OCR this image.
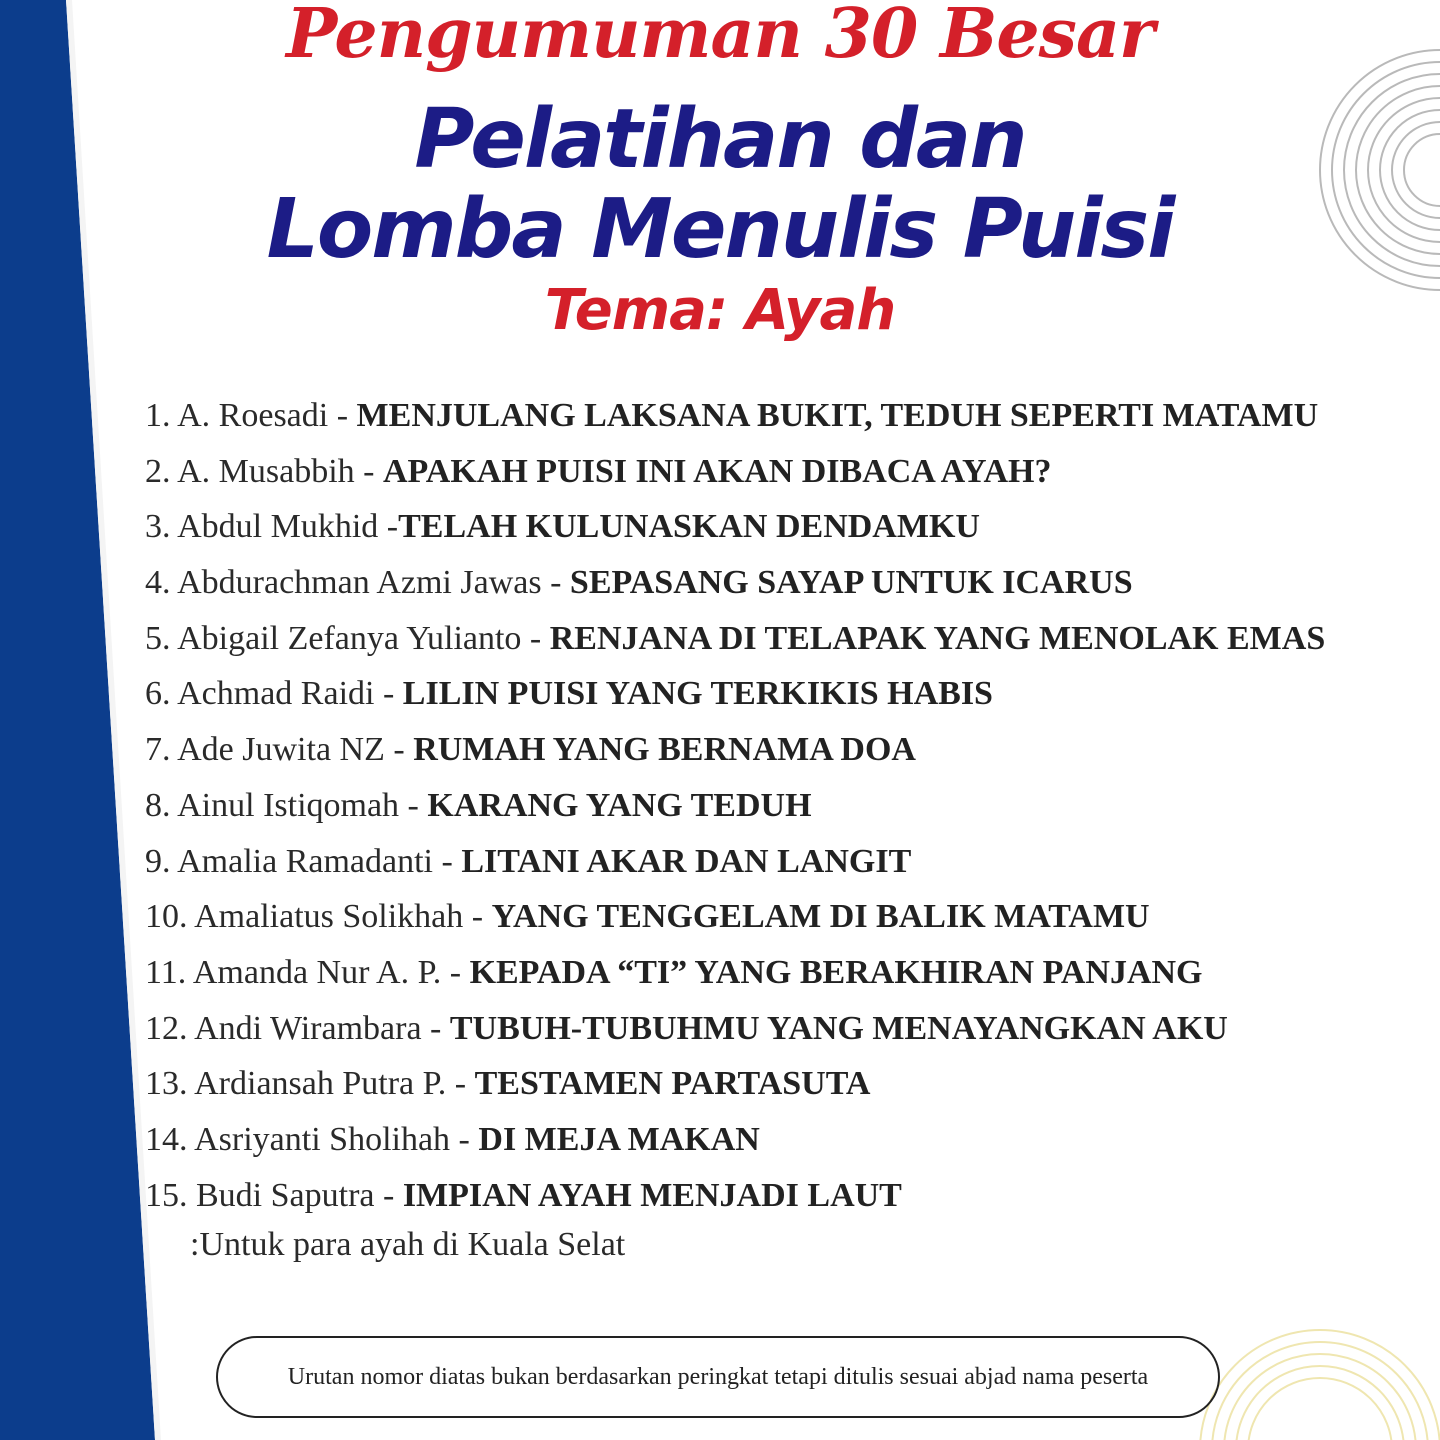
Pengumuman 30 Besar
Pelatihan dan
Lomba Menulis Puisi
Tema: Ayah
1. A. Roesadi - MENJULANG LAKSANA BUKIT, TEDUH SEPERTI MATAMU
2. A. Musabbih - APAKAH PUISI INI AKAN DIBACA AYAH?
3. Abdul Mukhid -TELAH KULUNASKAN DENDAMKU
4. Abdurachman Azmi Jawas - SEPASANG SAYAP UNTUK ICARUS
5. Abigail Zefanya Yulianto - RENJANA DI TELAPAK YANG MENOLAK EMAS
6. Achmad Raidi - LILIN PUISI YANG TERKIKIS HABIS
7. Ade Juwita NZ - RUMAH YANG BERNAMA DOA
8. Ainul Istiqomah - KARANG YANG TEDUH
9. Amalia Ramadanti - LITANI AKAR DAN LANGIT
10. Amaliatus Solikhah - YANG TENGGELAM DI BALIK MATAMU
11. Amanda Nur A. P. - KEPADA “TI” YANG BERAKHIRAN PANJANG
12. Andi Wirambara - TUBUH-TUBUHMU YANG MENAYANGKAN AKU
13. Ardiansah Putra P. - TESTAMEN PARTASUTA
14. Asriyanti Sholihah - DI MEJA MAKAN
15. Budi Saputra - IMPIAN AYAH MENJADI LAUT
:Untuk para ayah di Kuala Selat
Urutan nomor diatas bukan berdasarkan peringkat tetapi ditulis sesuai abjad nama peserta
